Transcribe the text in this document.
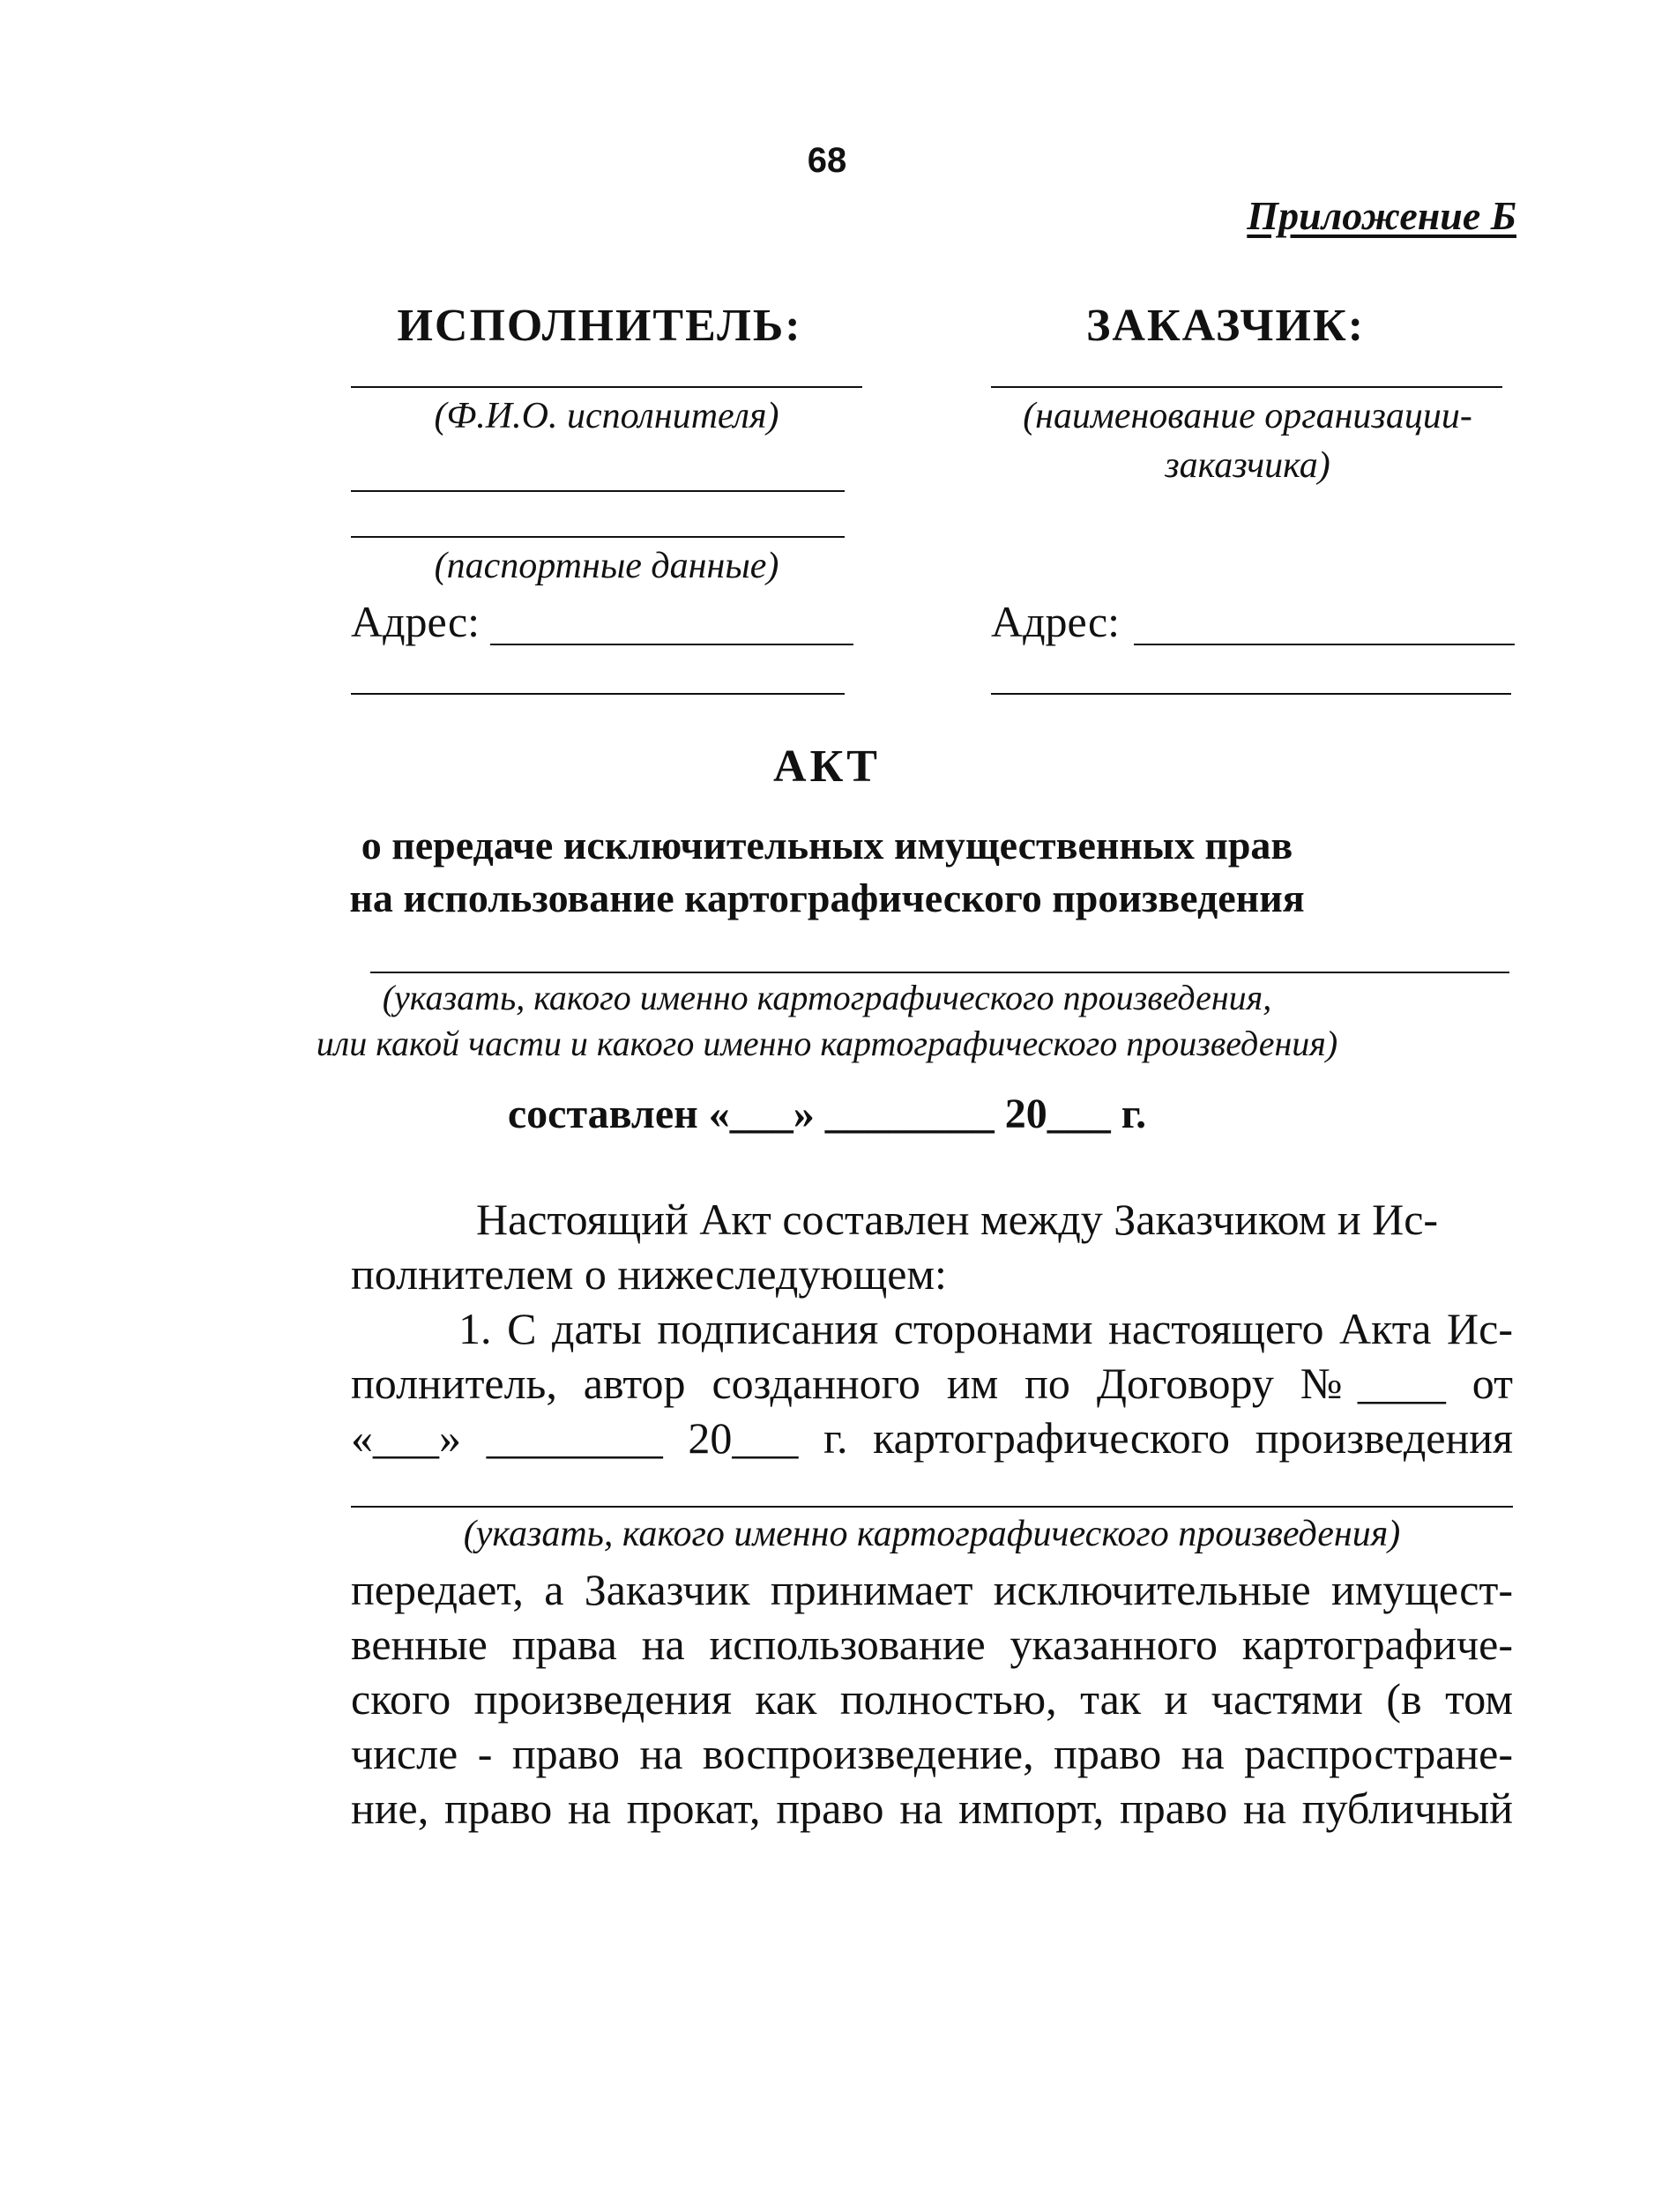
68
Приложение Б
ИСПОЛНИТЕЛЬ:
(Ф.И.О. исполнителя)
(паспортные данные)
Адрес:
ЗАКАЗЧИК:
(наименование организации-
заказчика)
Адрес:
АКТ
о передаче исключительных имущественных прав
на использование картографического произведения
(указать, какого именно картографического произведения,
или какой части и какого именно картографического произведения)
составлен «___» ________ 20___ г.
Настоящий Акт составлен между Заказчиком и Ис-
полнителем о нижеследующем:
1. С даты подписания сторонами настоящего Акта Ис-
полнитель, автор созданного им по Договору №____ от
«___» ________ 20___ г. картографического произведения
(указать, какого именно картографического произведения)
передает, а Заказчик принимает исключительные имущест-
венные права на использование указанного картографиче-
ского произведения как полностью, так и частями (в том
числе - право на воспроизведение, право на распростране-
ние, право на прокат, право на импорт, право на публичный
